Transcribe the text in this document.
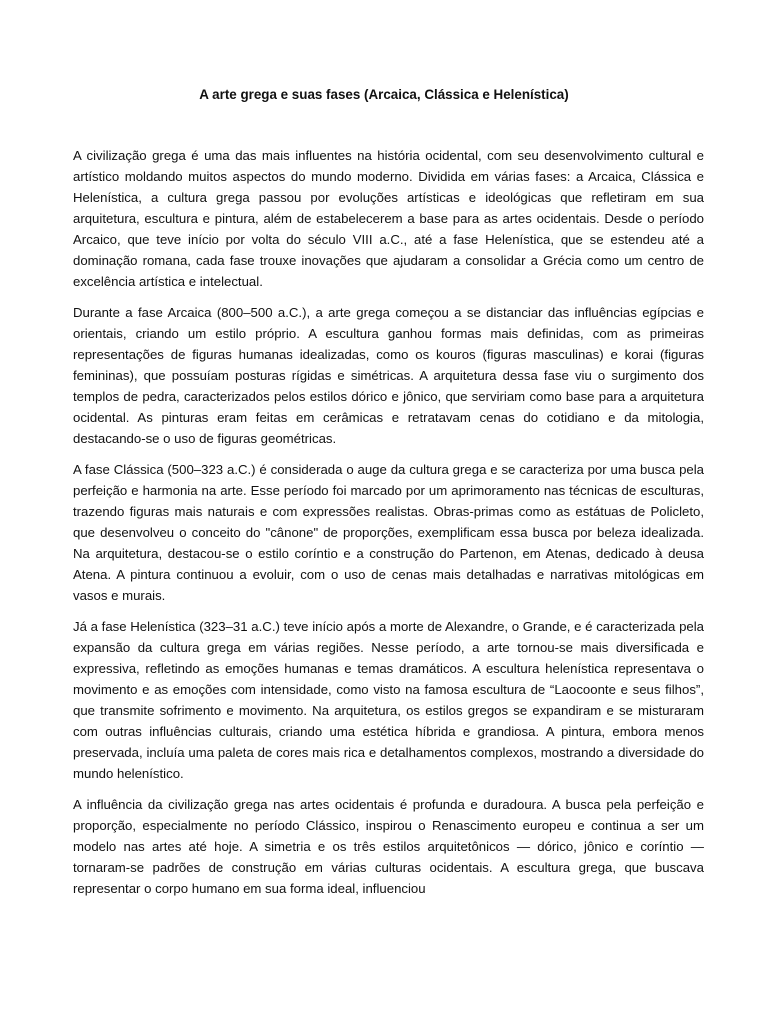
A arte grega e suas fases (Arcaica, Clássica e Helenística)

A civilização grega é uma das mais influentes na história ocidental, com seu desenvolvimento cultural e artístico moldando muitos aspectos do mundo moderno. Dividida em várias fases: a Arcaica, Clássica e Helenística, a cultura grega passou por evoluções artísticas e ideológicas que refletiram em sua arquitetura, escultura e pintura, além de estabelecerem a base para as artes ocidentais. Desde o período Arcaico, que teve início por volta do século VIII a.C., até a fase Helenística, que se estendeu até a dominação romana, cada fase trouxe inovações que ajudaram a consolidar a Grécia como um centro de excelência artística e intelectual.

Durante a fase Arcaica (800–500 a.C.), a arte grega começou a se distanciar das influências egípcias e orientais, criando um estilo próprio. A escultura ganhou formas mais definidas, com as primeiras representações de figuras humanas idealizadas, como os kouros (figuras masculinas) e korai (figuras femininas), que possuíam posturas rígidas e simétricas. A arquitetura dessa fase viu o surgimento dos templos de pedra, caracterizados pelos estilos dórico e jônico, que serviriam como base para a arquitetura ocidental. As pinturas eram feitas em cerâmicas e retratavam cenas do cotidiano e da mitologia, destacando-se o uso de figuras geométricas.

A fase Clássica (500–323 a.C.) é considerada o auge da cultura grega e se caracteriza por uma busca pela perfeição e harmonia na arte. Esse período foi marcado por um aprimoramento nas técnicas de esculturas, trazendo figuras mais naturais e com expressões realistas. Obras-primas como as estátuas de Policleto, que desenvolveu o conceito do "cânone" de proporções, exemplificam essa busca por beleza idealizada. Na arquitetura, destacou-se o estilo coríntio e a construção do Partenon, em Atenas, dedicado à deusa Atena. A pintura continuou a evoluir, com o uso de cenas mais detalhadas e narrativas mitológicas em vasos e murais.

Já a fase Helenística (323–31 a.C.) teve início após a morte de Alexandre, o Grande, e é caracterizada pela expansão da cultura grega em várias regiões. Nesse período, a arte tornou-se mais diversificada e expressiva, refletindo as emoções humanas e temas dramáticos. A escultura helenística representava o movimento e as emoções com intensidade, como visto na famosa escultura de “Laocoonte e seus filhos”, que transmite sofrimento e movimento. Na arquitetura, os estilos gregos se expandiram e se misturaram com outras influências culturais, criando uma estética híbrida e grandiosa. A pintura, embora menos preservada, incluía uma paleta de cores mais rica e detalhamentos complexos, mostrando a diversidade do mundo helenístico.

A influência da civilização grega nas artes ocidentais é profunda e duradoura. A busca pela perfeição e proporção, especialmente no período Clássico, inspirou o Renascimento europeu e continua a ser um modelo nas artes até hoje. A simetria e os três estilos arquitetônicos — dórico, jônico e coríntio — tornaram-se padrões de construção em várias culturas ocidentais. A escultura grega, que buscava representar o corpo humano em sua forma ideal, influenciou
